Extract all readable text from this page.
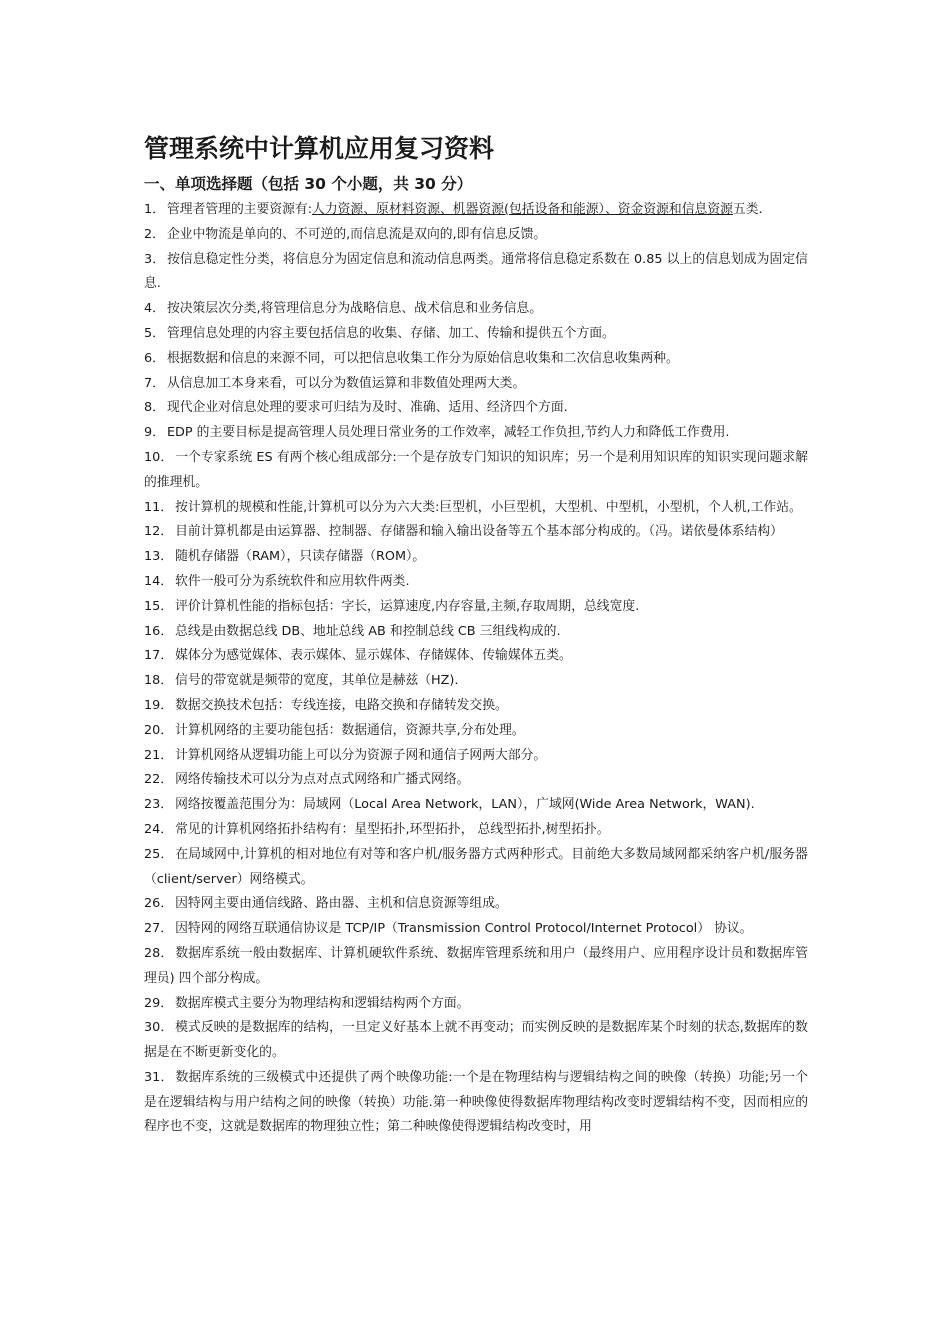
管理系统中计算机应用复习资料
一、单项选择题（包括 30 个小题，共 30 分）
1． 管理者管理的主要资源有:人力资源、原材料资源、机器资源(包括设备和能源）、资金资源和信息资源五类.
2． 企业中物流是单向的、不可逆的,而信息流是双向的,即有信息反馈。
3． 按信息稳定性分类，将信息分为固定信息和流动信息两类。通常将信息稳定系数在 0.85 以上的信息划成为固定信息.
4． 按决策层次分类,将管理信息分为战略信息、战术信息和业务信息。
5． 管理信息处理的内容主要包括信息的收集、存储、加工、传输和提供五个方面。
6． 根据数据和信息的来源不同，可以把信息收集工作分为原始信息收集和二次信息收集两种。
7． 从信息加工本身来看，可以分为数值运算和非数值处理两大类。
8． 现代企业对信息处理的要求可归结为及时、准确、适用、经济四个方面.
9． EDP 的主要目标是提高管理人员处理日常业务的工作效率，减轻工作负担,节约人力和降低工作费用.
10． 一个专家系统 ES 有两个核心组成部分:一个是存放专门知识的知识库；另一个是利用知识库的知识实现问题求解的推理机。
11． 按计算机的规模和性能,计算机可以分为六大类:巨型机，小巨型机，大型机、中型机，小型机，个人机,工作站。
12． 目前计算机都是由运算器、控制器、存储器和输入输出设备等五个基本部分构成的。（冯。诺依曼体系结构）
13． 随机存储器（RAM），只读存储器（ROM）。
14． 软件一般可分为系统软件和应用软件两类.
15． 评价计算机性能的指标包括：字长，运算速度,内存容量,主频,存取周期，总线宽度.
16． 总线是由数据总线 DB、地址总线 AB 和控制总线 CB 三组线构成的.
17． 媒体分为感觉媒体、表示媒体、显示媒体、存储媒体、传输媒体五类。
18． 信号的带宽就是频带的宽度，其单位是赫兹（HZ).
19． 数据交换技术包括：专线连接，电路交换和存储转发交换。
20． 计算机网络的主要功能包括：数据通信，资源共享,分布处理。
21． 计算机网络从逻辑功能上可以分为资源子网和通信子网两大部分。
22． 网络传输技术可以分为点对点式网络和广播式网络。
23． 网络按覆盖范围分为：局域网（Local Area Network，LAN），广域网(Wide Area Network，WAN).
24． 常见的计算机网络拓扑结构有：星型拓扑,环型拓扑， 总线型拓扑,树型拓扑。
25． 在局域网中,计算机的相对地位有对等和客户机/服务器方式两种形式。目前绝大多数局域网都采纳客户机/服务器（client/server）网络模式。
26． 因特网主要由通信线路、路由器、主机和信息资源等组成。
27． 因特网的网络互联通信协议是 TCP/IP（Transmission Control Protocol/Internet Protocol） 协议。
28． 数据库系统一般由数据库、计算机硬软件系统、数据库管理系统和用户（最终用户、应用程序设计员和数据库管理员) 四个部分构成。
29． 数据库模式主要分为物理结构和逻辑结构两个方面。
30． 模式反映的是数据库的结构，一旦定义好基本上就不再变动；而实例反映的是数据库某个时刻的状态,数据库的数据是在不断更新变化的。
31． 数据库系统的三级模式中还提供了两个映像功能:一个是在物理结构与逻辑结构之间的映像（转换）功能;另一个是在逻辑结构与用户结构之间的映像（转换）功能.第一种映像使得数据库物理结构改变时逻辑结构不变，因而相应的程序也不变，这就是数据库的物理独立性；第二种映像使得逻辑结构改变时，用
